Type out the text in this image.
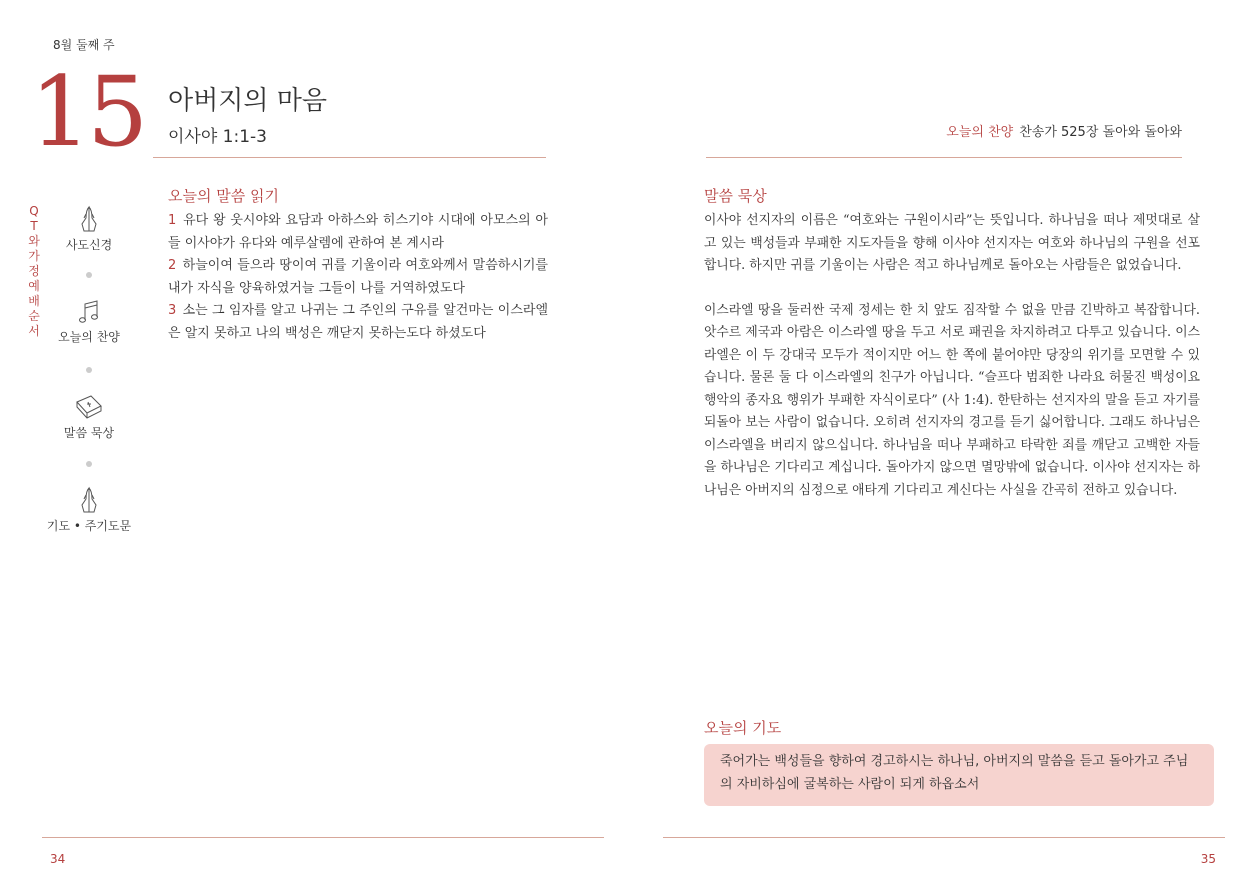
8월 둘째 주
15 아버지의 마음
이사야 1:1-3	오늘의 찬양 찬송가 525장 돌아와 돌아와
QT와 가정예배 순서
사도신경
오늘의 찬양
말씀 묵상
기도 • 주기도문
오늘의 말씀 읽기
1 유다 왕 웃시야와 요담과 아하스와 히스기야 시대에 아모스의 아들 이사야가 유다와 예루살렘에 관하여 본 계시라
2 하늘이여 들으라 땅이여 귀를 기울이라 여호와께서 말씀하시기를 내가 자식을 양육하였거늘 그들이 나를 거역하였도다
3 소는 그 임자를 알고 나귀는 그 주인의 구유를 알건마는 이스라엘은 알지 못하고 나의 백성은 깨닫지 못하는도다 하셨도다
말씀 묵상

이사야 선지자의 이름은 “여호와는 구원이시라”는 뜻입니다. 하나님을 떠나 제멋대로 살고 있는 백성들과 부패한 지도자들을 향해 이사야 선지자는 여호와 하나님의 구원을 선포합니다. 하지만 귀를 기울이는 사람은 적고 하나님께로 돌아오는 사람들은 없었습니다.

이스라엘 땅을 둘러싼 국제 정세는 한 치 앞도 짐작할 수 없을 만큼 긴박하고 복잡합니다. 앗수르 제국과 아람은 이스라엘 땅을 두고 서로 패권을 차지하려고 다투고 있습니다. 이스라엘은 이 두 강대국 모두가 적이지만 어느 한 쪽에 붙어야만 당장의 위기를 모면할 수 있습니다. 물론 둘 다 이스라엘의 친구가 아닙니다. “슬프다 범죄한 나라요 허물진 백성이요 행악의 종자요 행위가 부패한 자식이로다” (사 1:4). 한탄하는 선지자의 말을 듣고 자기를 되돌아 보는 사람이 없습니다. 오히려 선지자의 경고를 듣기 싫어합니다. 그래도 하나님은 이스라엘을 버리지 않으십니다. 하나님을 떠나 부패하고 타락한 죄를 깨닫고 고백한 자들을 하나님은 기다리고 계십니다. 돌아가지 않으면 멸망밖에 없습니다. 이사야 선지자는 하나님은 아버지의 심정으로 애타게 기다리고 계신다는 사실을 간곡히 전하고 있습니다.

오늘의 기도
죽어가는 백성들을 향하여 경고하시는 하나님, 아버지의 말씀을 듣고 돌아가고 주님의 자비하심에 굴복하는 사람이 되게 하옵소서
34	35
